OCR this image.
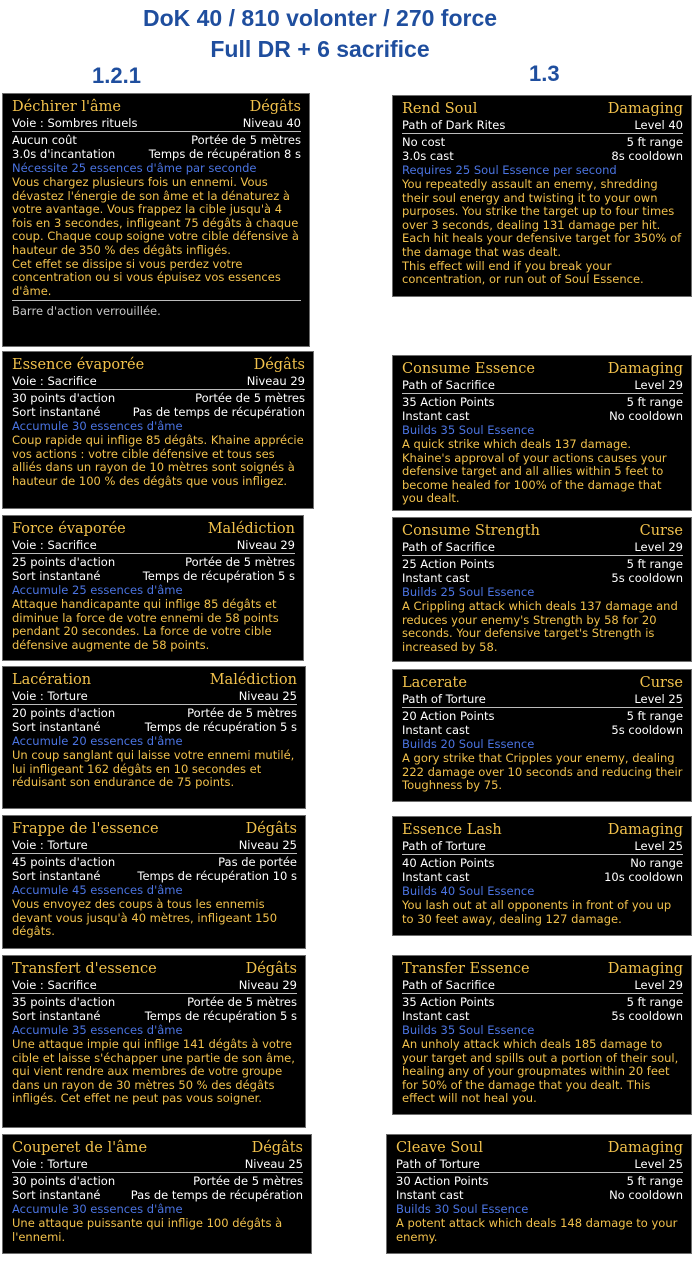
DoK 40 / 810 volonter / 270 force
Full DR + 6 sacrifice
1.2.1	1.3
Déchirer l'âme	Dégâts
Voie : Sombres rituels	Niveau 40
Aucun coût	Portée de 5 mètres
3.0s d'incantation	Temps de récupération 8 s
Nécessite 25 essences d'âme par seconde
Vous chargez plusieurs fois un ennemi. Vous dévastez l'énergie de son âme et la dénaturez à votre avantage. Vous frappez la cible jusqu'à 4 fois en 3 secondes, infligeant 75 dégâts à chaque coup. Chaque coup soigne votre cible défensive à hauteur de 350 % des dégâts infligés.
Cet effet se dissipe si vous perdez votre concentration ou si vous épuisez vos essences d'âme.
Barre d'action verrouillée.
Essence évaporée	Dégâts
Voie : Sacrifice	Niveau 29
30 points d'action	Portée de 5 mètres
Sort instantané	Pas de temps de récupération
Accumule 30 essences d'âme
Coup rapide qui inflige 85 dégâts. Khaine apprécie vos actions : votre cible défensive et tous ses alliés dans un rayon de 10 mètres sont soignés à hauteur de 100 % des dégâts que vous infligez.
Force évaporée	Malédiction
Voie : Sacrifice	Niveau 29
25 points d'action	Portée de 5 mètres
Sort instantané	Temps de récupération 5 s
Accumule 25 essences d'âme
Attaque handicapante qui inflige 85 dégâts et diminue la force de votre ennemi de 58 points pendant 20 secondes. La force de votre cible défensive augmente de 58 points.
Lacération	Malédiction
Voie : Torture	Niveau 25
20 points d'action	Portée de 5 mètres
Sort instantané	Temps de récupération 5 s
Accumule 20 essences d'âme
Un coup sanglant qui laisse votre ennemi mutilé, lui infligeant 162 dégâts en 10 secondes et réduisant son endurance de 75 points.
Frappe de l'essence	Dégâts
Voie : Torture	Niveau 25
45 points d'action	Pas de portée
Sort instantané	Temps de récupération 10 s
Accumule 45 essences d'âme
Vous envoyez des coups à tous les ennemis devant vous jusqu'à 40 mètres, infligeant 150 dégâts.
Transfert d'essence	Dégâts
Voie : Sacrifice	Niveau 29
35 points d'action	Portée de 5 mètres
Sort instantané	Temps de récupération 5 s
Accumule 35 essences d'âme
Une attaque impie qui inflige 141 dégâts à votre cible et laisse s'échapper une partie de son âme, qui vient rendre aux membres de votre groupe dans un rayon de 30 mètres 50 % des dégâts infligés. Cet effet ne peut pas vous soigner.
Couperet de l'âme	Dégâts
Voie : Torture	Niveau 25
30 points d'action	Portée de 5 mètres
Sort instantané	Pas de temps de récupération
Accumule 30 essences d'âme
Une attaque puissante qui inflige 100 dégâts à l'ennemi.
Rend Soul	Damaging
Path of Dark Rites	Level 40
No cost	5 ft range
3.0s cast	8s cooldown
Requires 25 Soul Essence per second
You repeatedly assault an enemy, shredding their soul energy and twisting it to your own purposes. You strike the target up to four times over 3 seconds, dealing 131 damage per hit. Each hit heals your defensive target for 350% of the damage that was dealt.
This effect will end if you break your concentration, or run out of Soul Essence.
Consume Essence	Damaging
Path of Sacrifice	Level 29
35 Action Points	5 ft range
Instant cast	No cooldown
Builds 35 Soul Essence
A quick strike which deals 137 damage. Khaine's approval of your actions causes your defensive target and all allies within 5 feet to become healed for 100% of the damage that you dealt.
Consume Strength	Curse
Path of Sacrifice	Level 29
25 Action Points	5 ft range
Instant cast	5s cooldown
Builds 25 Soul Essence
A Crippling attack which deals 137 damage and reduces your enemy's Strength by 58 for 20 seconds. Your defensive target's Strength is increased by 58.
Lacerate	Curse
Path of Torture	Level 25
20 Action Points	5 ft range
Instant cast	5s cooldown
Builds 20 Soul Essence
A gory strike that Cripples your enemy, dealing 222 damage over 10 seconds and reducing their Toughness by 75.
Essence Lash	Damaging
Path of Torture	Level 25
40 Action Points	No range
Instant cast	10s cooldown
Builds 40 Soul Essence
You lash out at all opponents in front of you up to 30 feet away, dealing 127 damage.
Transfer Essence	Damaging
Path of Sacrifice	Level 29
35 Action Points	5 ft range
Instant cast	5s cooldown
Builds 35 Soul Essence
An unholy attack which deals 185 damage to your target and spills out a portion of their soul, healing any of your groupmates within 20 feet for 50% of the damage that you dealt. This effect will not heal you.
Cleave Soul	Damaging
Path of Torture	Level 25
30 Action Points	5 ft range
Instant cast	No cooldown
Builds 30 Soul Essence
A potent attack which deals 148 damage to your enemy.
